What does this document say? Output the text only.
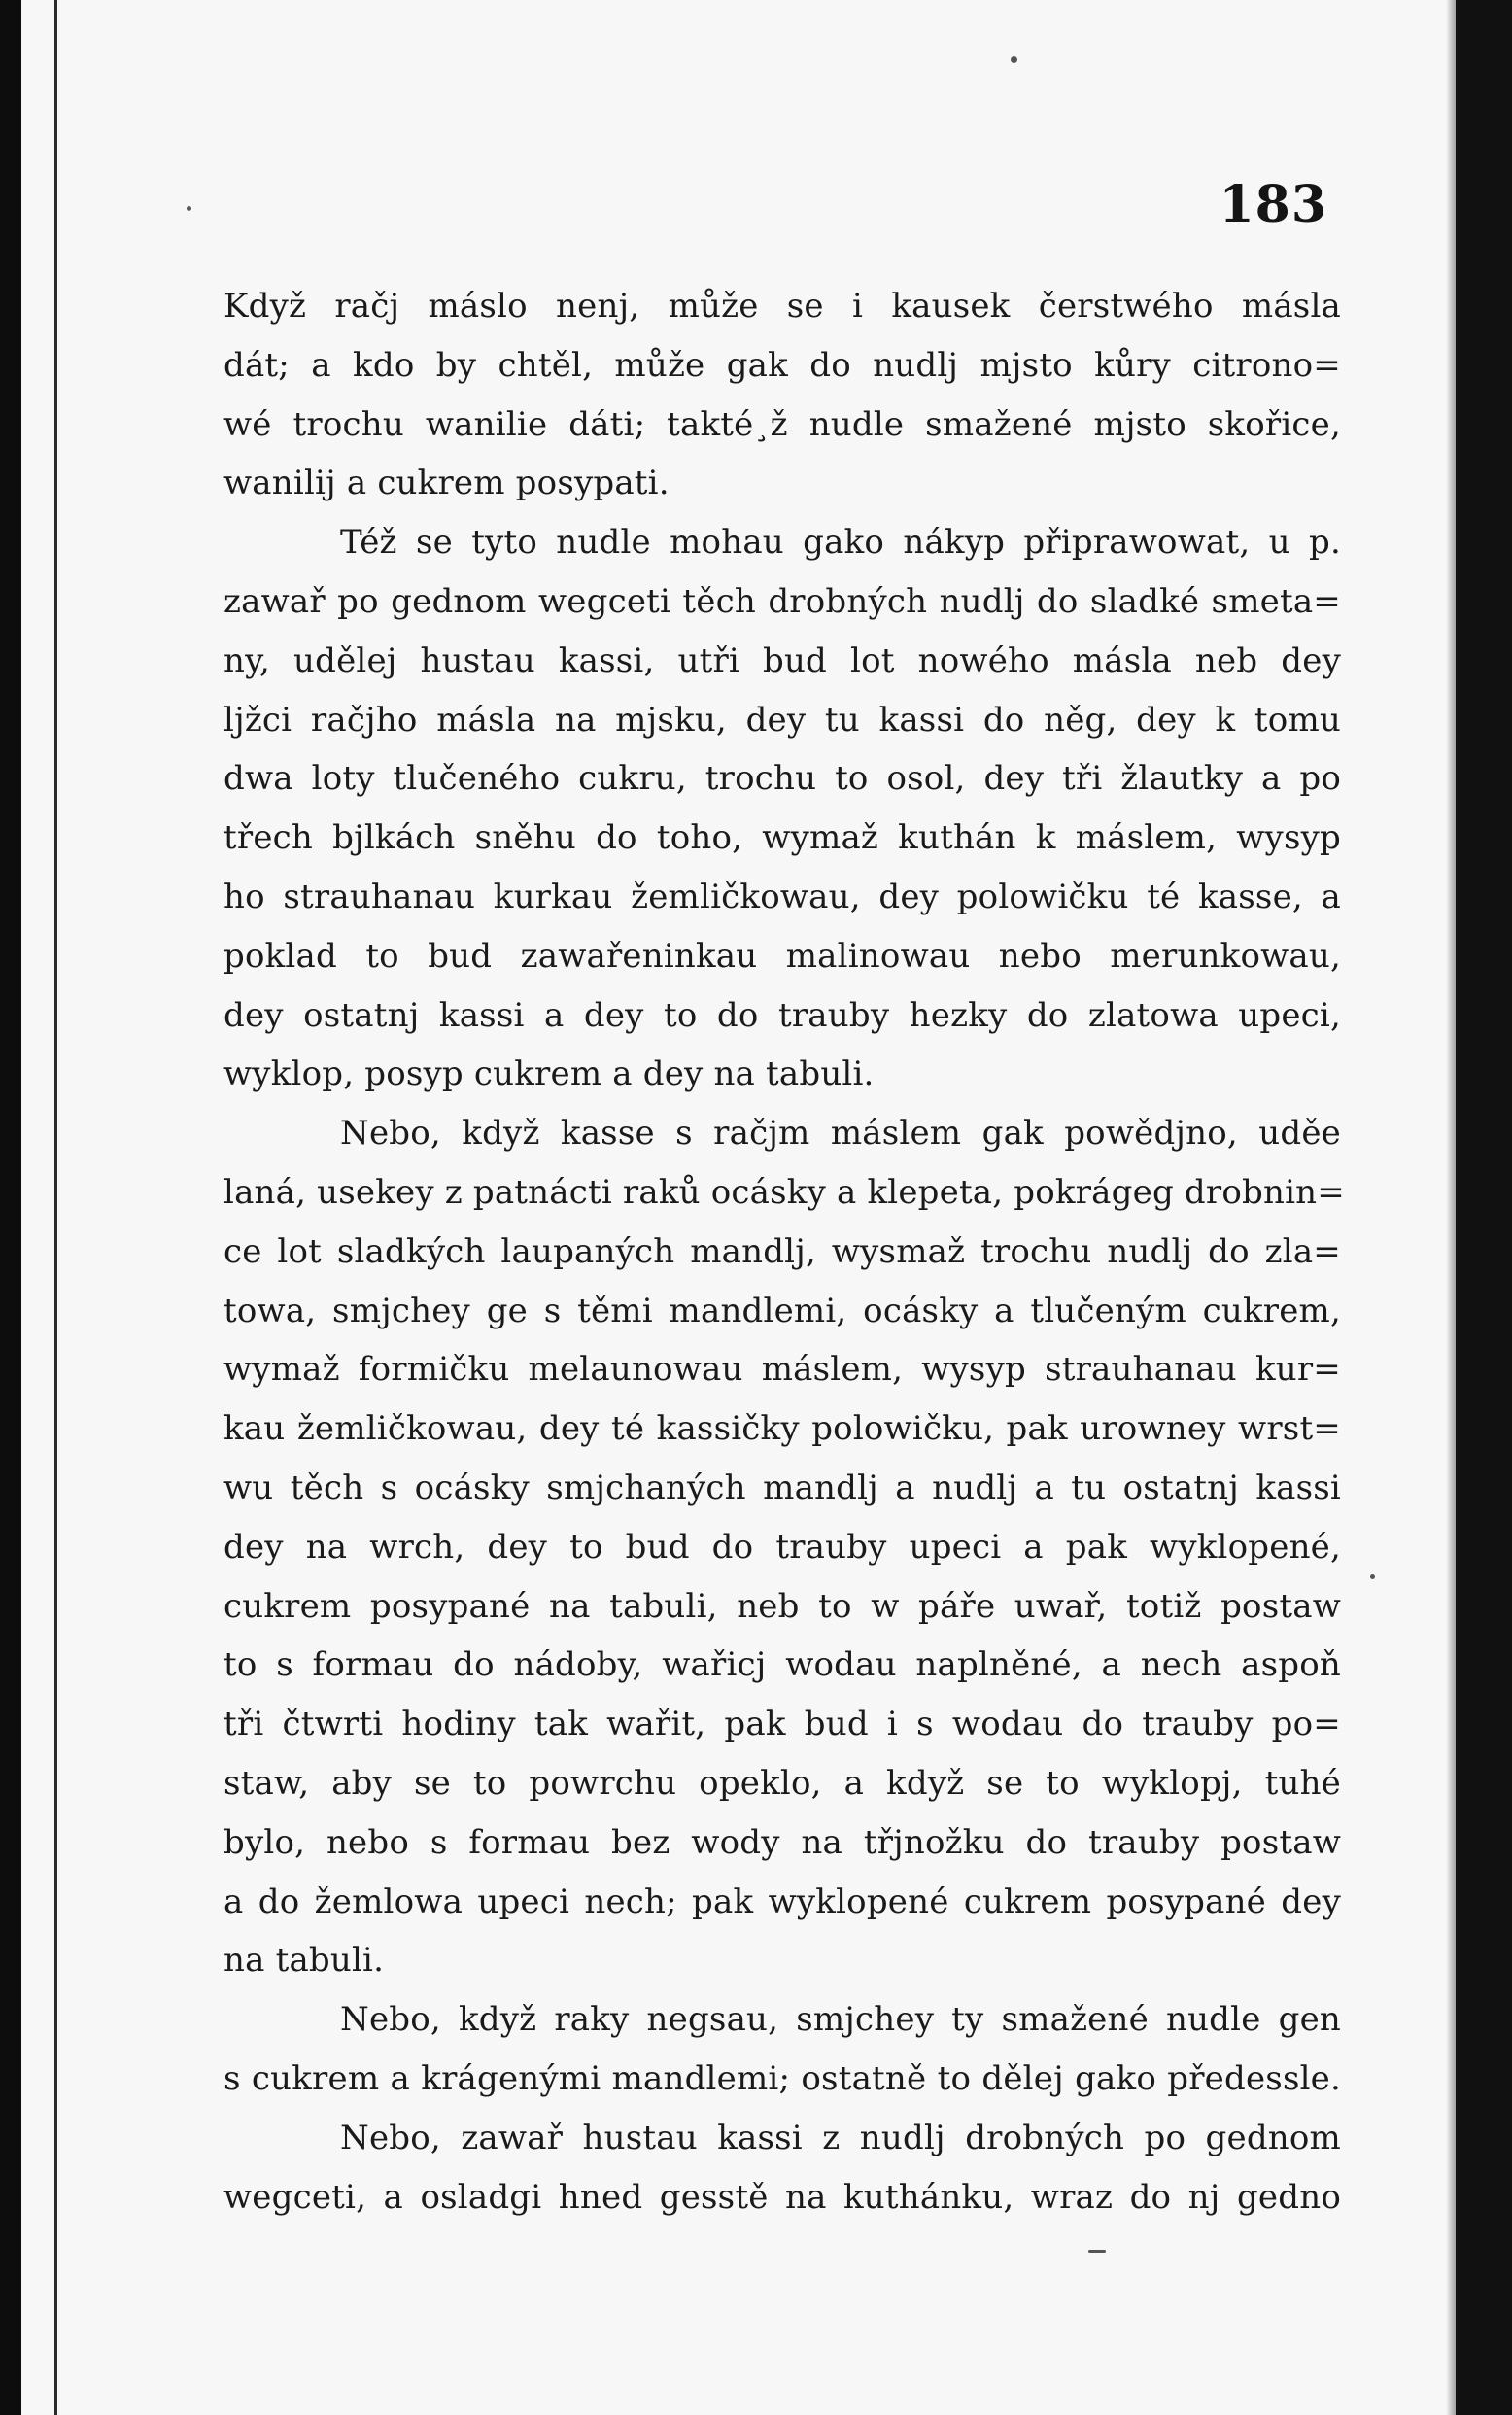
183
Když račj máslo nenj, může se i kausek čerstwého másla
dát; a kdo by chtěl, může gak do nudlj mjsto kůry citrono=
wé trochu wanilie dáti; takté¸ž nudle smažené mjsto skořice,
wanilij a cukrem posypati.
Též se tyto nudle mohau gako nákyp připrawowat, u p.
zawař po gednom wegceti těch drobných nudlj do sladké smeta=
ny, udělej hustau kassi, utři bud lot nowého másla neb dey
ljžci račjho másla na mjsku, dey tu kassi do něg, dey k tomu
dwa loty tlučeného cukru, trochu to osol, dey tři žlautky a po
třech bjlkách sněhu do toho, wymaž kuthán k máslem, wysyp
ho strauhanau kurkau žemličkowau, dey polowičku té kasse, a
poklad to bud zawařeninkau malinowau nebo merunkowau,
dey ostatnj kassi a dey to do trauby hezky do zlatowa upeci,
wyklop, posyp cukrem a dey na tabuli.
Nebo, když kasse s račjm máslem gak powědjno, uděe
laná, usekey z patnácti raků ocásky a klepeta, pokrágeg drobnin=
ce lot sladkých laupaných mandlj, wysmaž trochu nudlj do zla=
towa, smjchey ge s těmi mandlemi, ocásky a tlučeným cukrem,
wymaž formičku melaunowau máslem, wysyp strauhanau kur=
kau žemličkowau, dey té kassičky polowičku, pak urowney wrst=
wu těch s ocásky smjchaných mandlj a nudlj a tu ostatnj kassi
dey na wrch, dey to bud do trauby upeci a pak wyklopené,
cukrem posypané na tabuli, neb to w páře uwař, totiž postaw
to s formau do nádoby, wařicj wodau naplněné, a nech aspoň
tři čtwrti hodiny tak wařit, pak bud i s wodau do trauby po=
staw, aby se to powrchu opeklo, a když se to wyklopj, tuhé
bylo, nebo s formau bez wody na třjnožku do trauby postaw
a do žemlowa upeci nech; pak wyklopené cukrem posypané dey
na tabuli.
Nebo, když raky negsau, smjchey ty smažené nudle gen
s cukrem a krágenými mandlemi; ostatně to dělej gako předessle.
Nebo, zawař hustau kassi z nudlj drobných po gednom
wegceti, a osladgi hned gesstě na kuthánku, wraz do nj gedno
